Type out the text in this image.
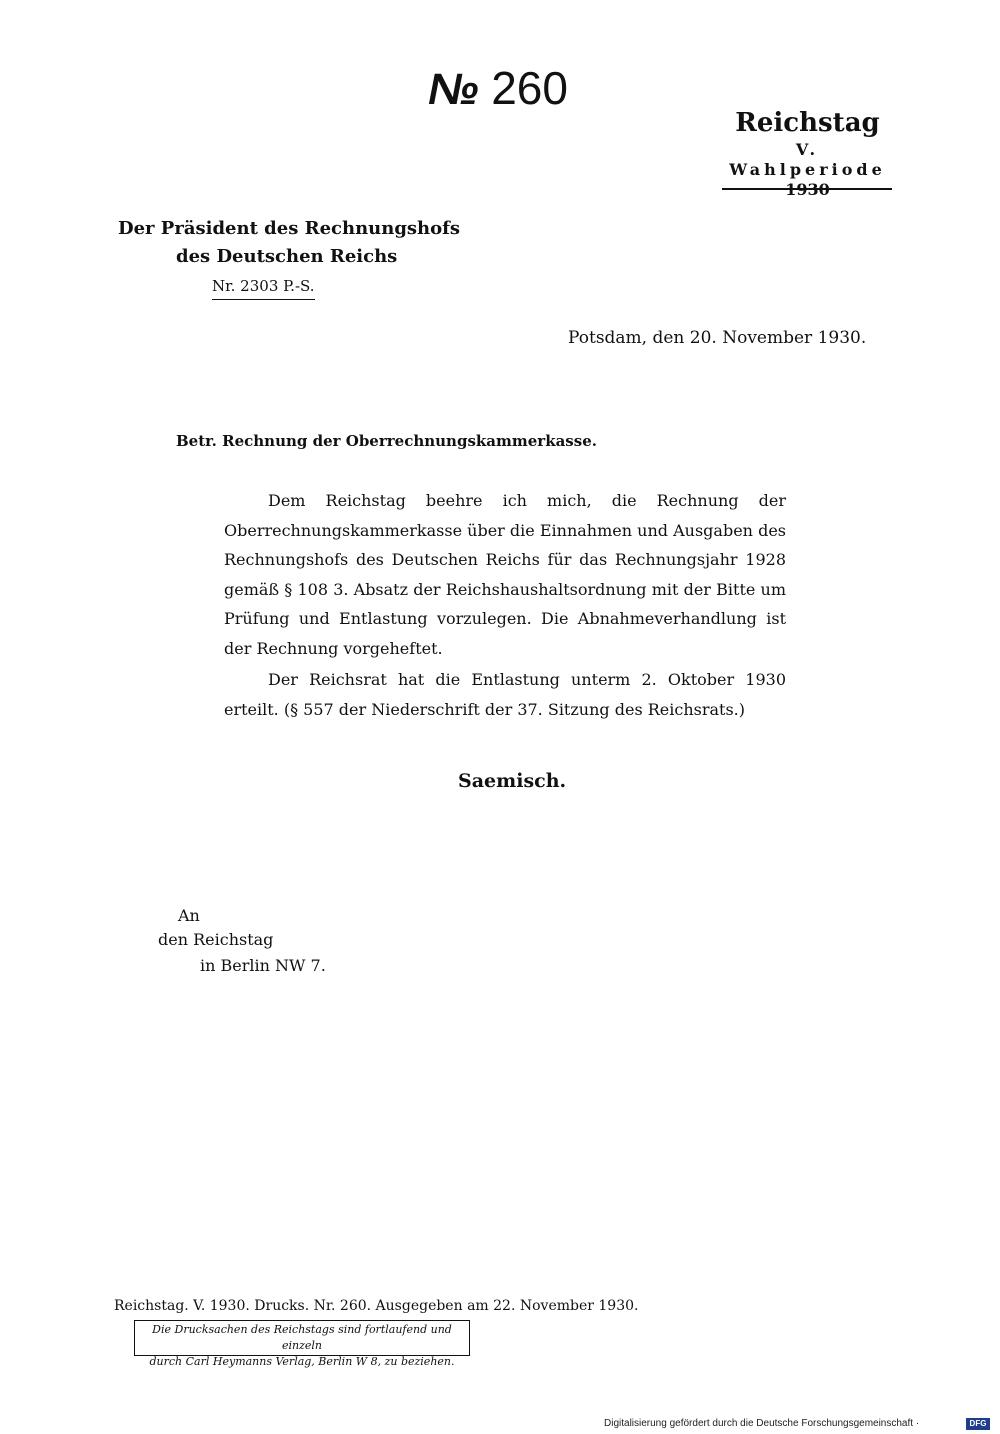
№ 260
Reichstag
V. Wahlperiode
1930
Der Präsident des Rechnungshofs
des Deutschen Reichs
Nr. 2303 P.-S.
Potsdam, den 20. November 1930.
Betr. Rechnung der Oberrechnungskammerkasse.

Dem Reichstag beehre ich mich, die Rechnung der Oberrechnungskammerkasse über die Einnahmen und Ausgaben des Rechnungshofs des Deutschen Reichs für das Rechnungsjahr 1928 gemäß § 108 3. Absatz der Reichshaushaltsordnung mit der Bitte um Prüfung und Entlastung vorzulegen. Die Abnahmeverhandlung ist der Rechnung vorgeheftet.

Der Reichsrat hat die Entlastung unterm 2. Oktober 1930 erteilt. (§ 557 der Niederschrift der 37. Sitzung des Reichsrats.)

Saemisch.
An
den Reichstag
in Berlin NW 7.
Reichstag. V. 1930. Drucks. Nr. 260. Ausgegeben am 22. November 1930.
Die Drucksachen des Reichstags sind fortlaufend und einzeln
durch Carl Heymanns Verlag, Berlin W 8, zu beziehen.
Digitalisierung gefördert durch die Deutsche Forschungsgemeinschaft ·	DFG
